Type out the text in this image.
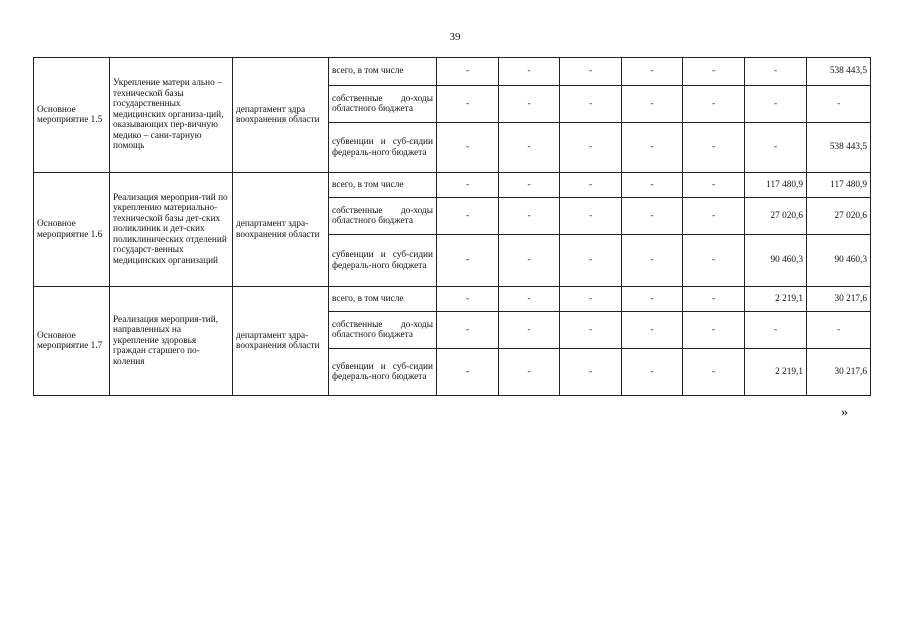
39
Основное мероприятие 1.5	Укрепление матери ально – технической базы государственных медицинских организа-ций, оказывающих пер-вичную медико – сани-тарную помощь	департамент здра воохранения области	всего, в том числе	-	-	-	-	-	-	538 443,5
			собственные до-ходы областного бюджета	-	-	-	-	-	-	-
			субвенции и суб-сидии федераль-ного бюджета	-	-	-	-	-	-	538 443,5
Основное мероприятие 1.6	Реализация мероприя-тий по укреплению материально-технической базы дет-ских поликлиник и дет-ских поликлинических отделений государст-венных медицинских организаций	департамент здра-воохранения области	всего, в том числе	-	-	-	-	-	117 480,9	117 480,9
			собственные до-ходы областного бюджета	-	-	-	-	-	27 020,6	27 020,6
			субвенции и суб-сидии федераль-ного бюджета	-	-	-	-	-	90 460,3	90 460,3
Основное мероприятие 1.7	Реализация мероприя-тий, направленных на укрепление здоровья граждан старшего по-коления	департамент здра-воохранения области	всего, в том числе	-	-	-	-	-	2 219,1	30 217,6
			собственные до-ходы областного бюджета	-	-	-	-	-	-	-
			субвенции и суб-сидии федераль-ного бюджета	-	-	-	-	-	2 219,1	30 217,6
»
